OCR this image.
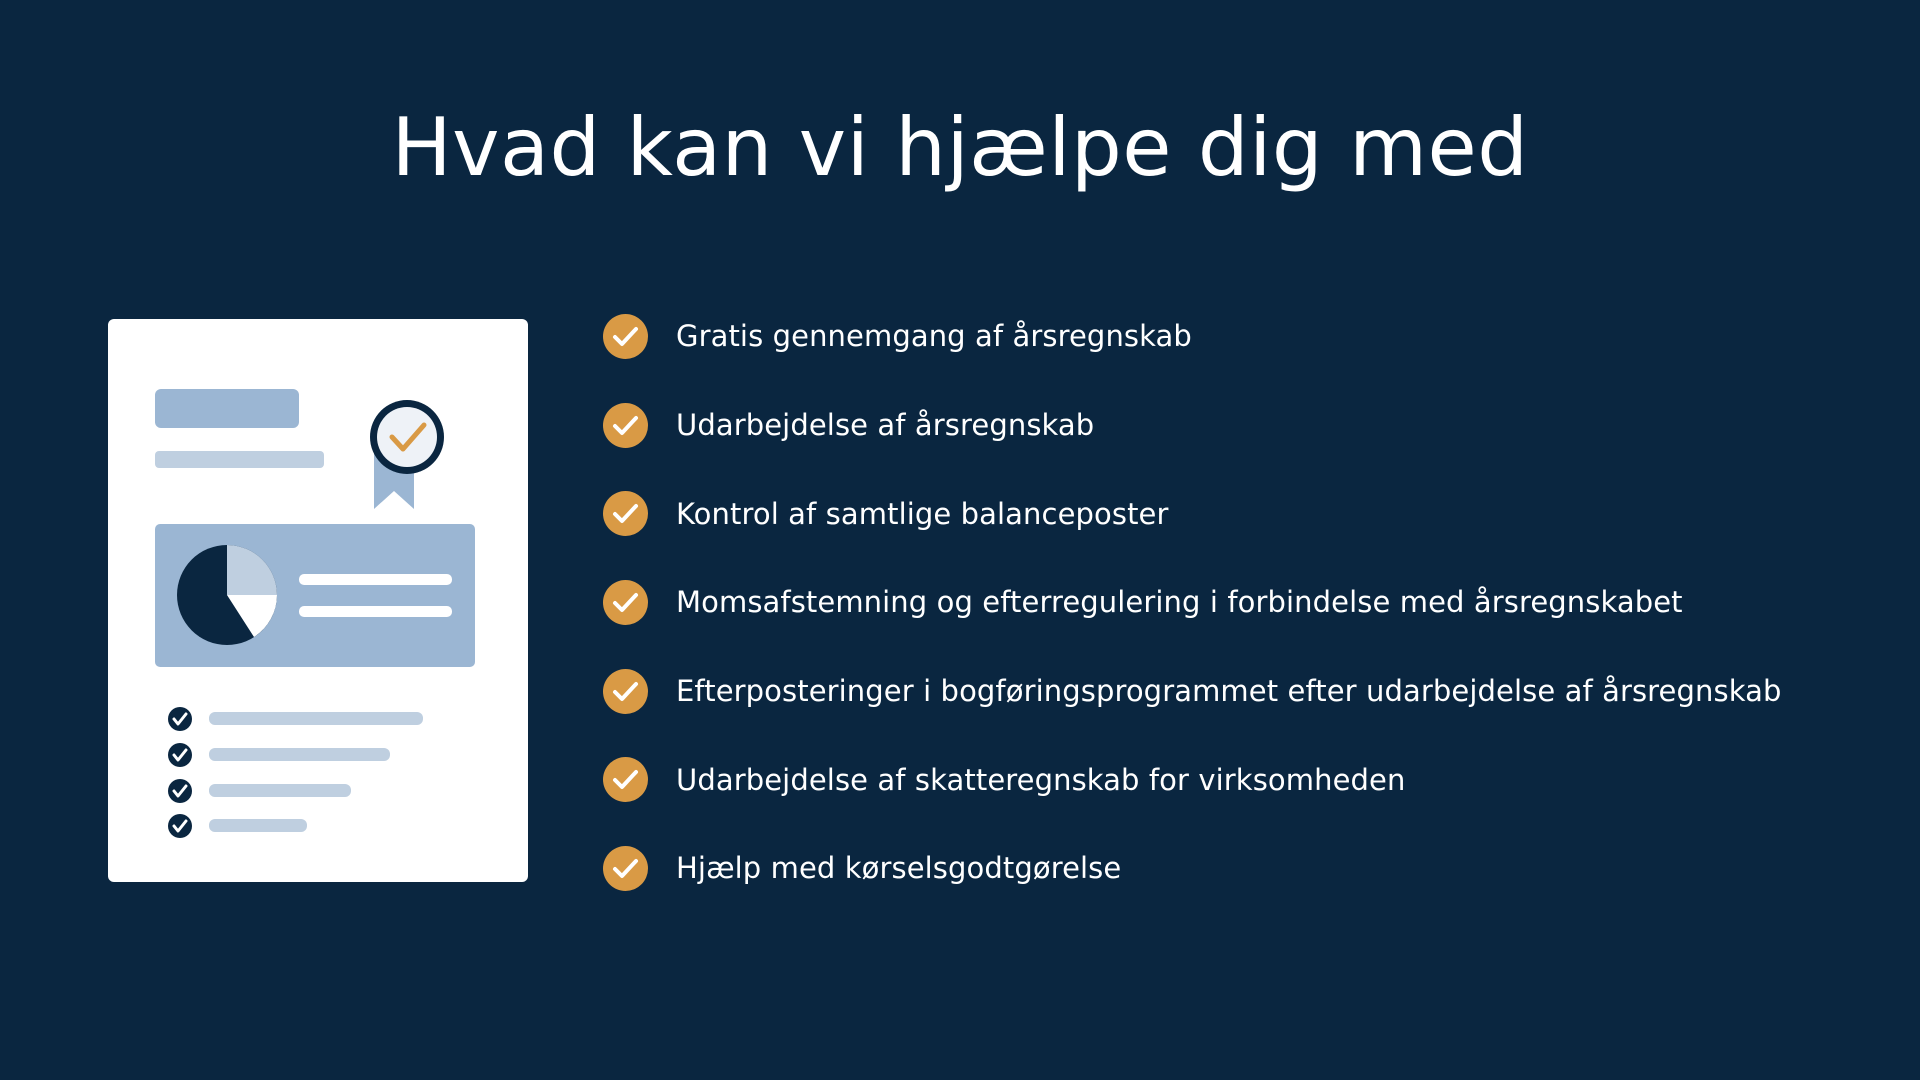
Hvad kan vi hjælpe dig med
Gratis gennemgang af årsregnskab
Udarbejdelse af årsregnskab
Kontrol af samtlige balanceposter
Momsafstemning og efterregulering i forbindelse med årsregnskabet
Efterposteringer i bogføringsprogrammet efter udarbejdelse af årsregnskab
Udarbejdelse af skatteregnskab for virksomheden
Hjælp med kørselsgodtgørelse
